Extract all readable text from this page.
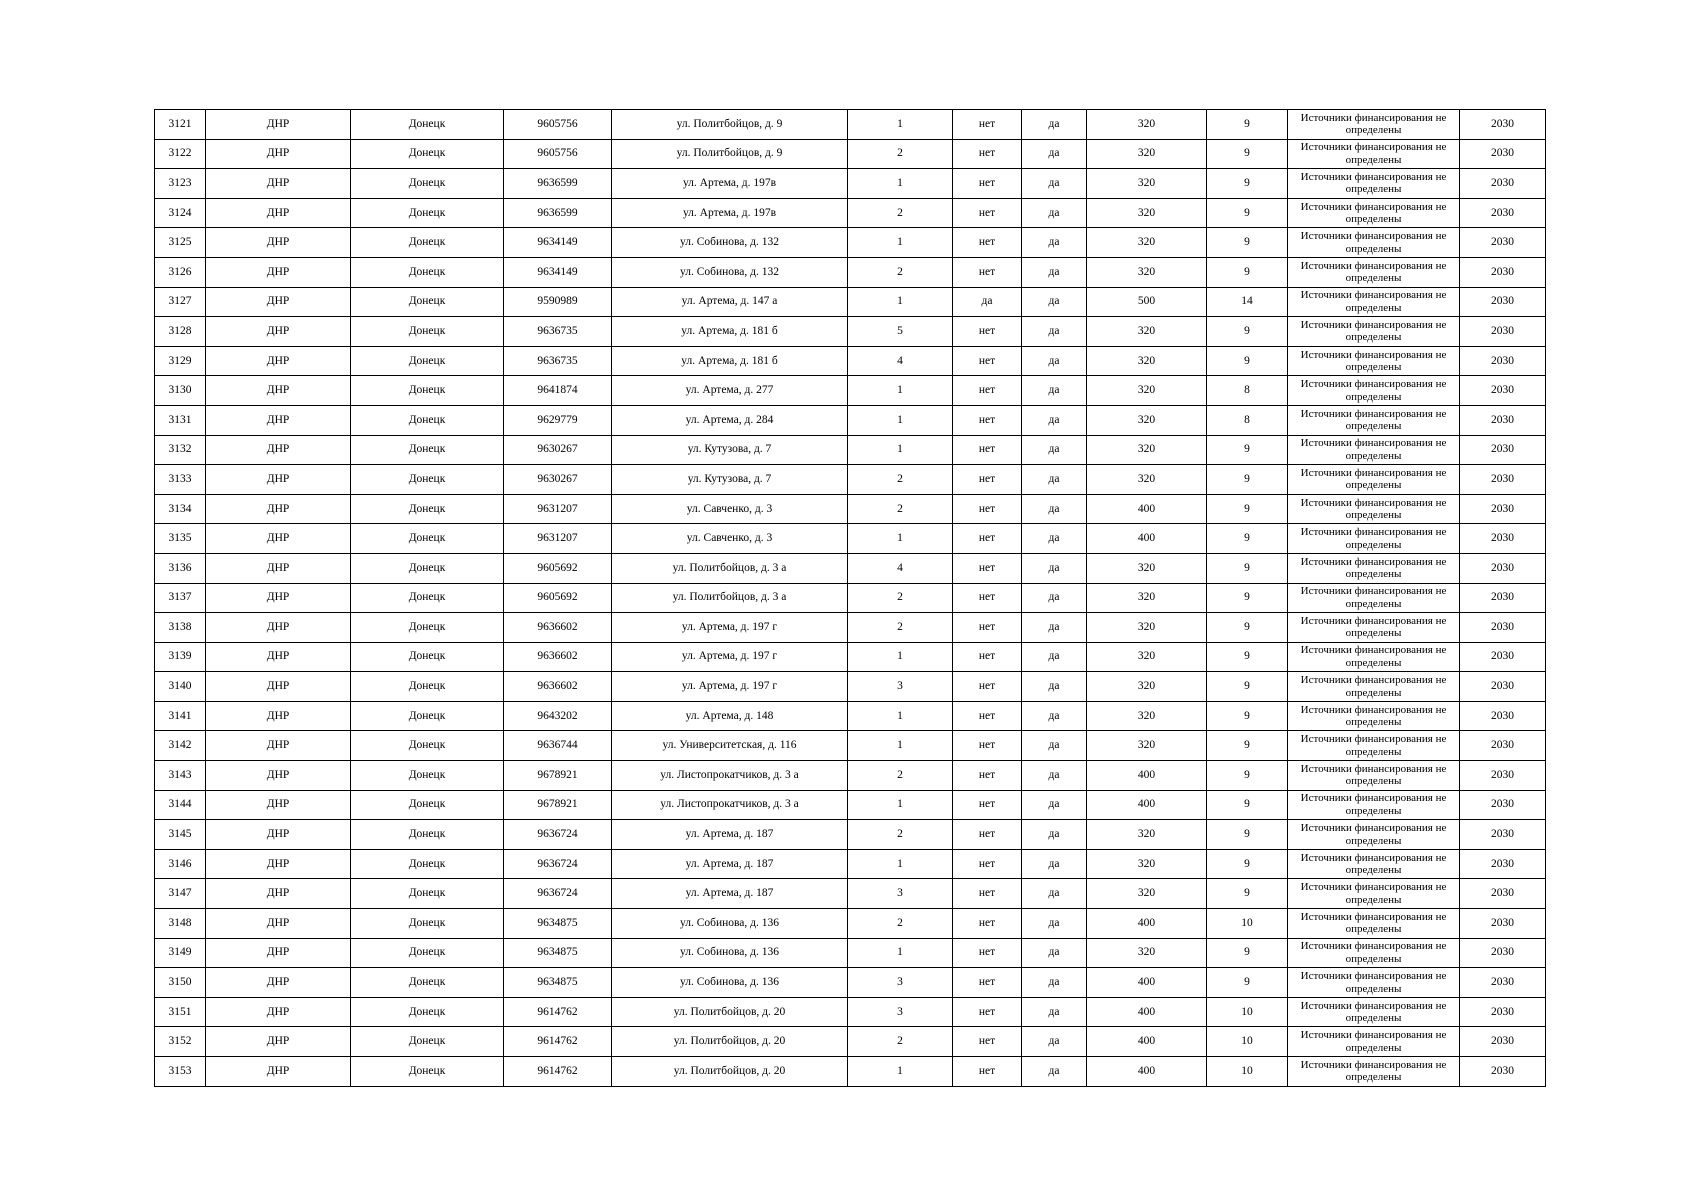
3121	ДНР	Донецк	9605756	ул. Политбойцов, д. 9	1	нет	да	320	9	Источники финансирования не определены	2030
3122	ДНР	Донецк	9605756	ул. Политбойцов, д. 9	2	нет	да	320	9	Источники финансирования не определены	2030
3123	ДНР	Донецк	9636599	ул. Артема, д. 197в	1	нет	да	320	9	Источники финансирования не определены	2030
3124	ДНР	Донецк	9636599	ул. Артема, д. 197в	2	нет	да	320	9	Источники финансирования не определены	2030
3125	ДНР	Донецк	9634149	ул. Собинова, д. 132	1	нет	да	320	9	Источники финансирования не определены	2030
3126	ДНР	Донецк	9634149	ул. Собинова, д. 132	2	нет	да	320	9	Источники финансирования не определены	2030
3127	ДНР	Донецк	9590989	ул. Артема, д. 147 а	1	да	да	500	14	Источники финансирования не определены	2030
3128	ДНР	Донецк	9636735	ул. Артема, д. 181 б	5	нет	да	320	9	Источники финансирования не определены	2030
3129	ДНР	Донецк	9636735	ул. Артема, д. 181 б	4	нет	да	320	9	Источники финансирования не определены	2030
3130	ДНР	Донецк	9641874	ул. Артема, д. 277	1	нет	да	320	8	Источники финансирования не определены	2030
3131	ДНР	Донецк	9629779	ул. Артема, д. 284	1	нет	да	320	8	Источники финансирования не определены	2030
3132	ДНР	Донецк	9630267	ул. Кутузова, д. 7	1	нет	да	320	9	Источники финансирования не определены	2030
3133	ДНР	Донецк	9630267	ул. Кутузова, д. 7	2	нет	да	320	9	Источники финансирования не определены	2030
3134	ДНР	Донецк	9631207	ул. Савченко, д. 3	2	нет	да	400	9	Источники финансирования не определены	2030
3135	ДНР	Донецк	9631207	ул. Савченко, д. 3	1	нет	да	400	9	Источники финансирования не определены	2030
3136	ДНР	Донецк	9605692	ул. Политбойцов, д. 3 а	4	нет	да	320	9	Источники финансирования не определены	2030
3137	ДНР	Донецк	9605692	ул. Политбойцов, д. 3 а	2	нет	да	320	9	Источники финансирования не определены	2030
3138	ДНР	Донецк	9636602	ул. Артема, д. 197 г	2	нет	да	320	9	Источники финансирования не определены	2030
3139	ДНР	Донецк	9636602	ул. Артема, д. 197 г	1	нет	да	320	9	Источники финансирования не определены	2030
3140	ДНР	Донецк	9636602	ул. Артема, д. 197 г	3	нет	да	320	9	Источники финансирования не определены	2030
3141	ДНР	Донецк	9643202	ул. Артема, д. 148	1	нет	да	320	9	Источники финансирования не определены	2030
3142	ДНР	Донецк	9636744	ул. Университетская, д. 116	1	нет	да	320	9	Источники финансирования не определены	2030
3143	ДНР	Донецк	9678921	ул. Листопрокатчиков, д. 3 а	2	нет	да	400	9	Источники финансирования не определены	2030
3144	ДНР	Донецк	9678921	ул. Листопрокатчиков, д. 3 а	1	нет	да	400	9	Источники финансирования не определены	2030
3145	ДНР	Донецк	9636724	ул. Артема, д. 187	2	нет	да	320	9	Источники финансирования не определены	2030
3146	ДНР	Донецк	9636724	ул. Артема, д. 187	1	нет	да	320	9	Источники финансирования не определены	2030
3147	ДНР	Донецк	9636724	ул. Артема, д. 187	3	нет	да	320	9	Источники финансирования не определены	2030
3148	ДНР	Донецк	9634875	ул. Собинова, д. 136	2	нет	да	400	10	Источники финансирования не определены	2030
3149	ДНР	Донецк	9634875	ул. Собинова, д. 136	1	нет	да	320	9	Источники финансирования не определены	2030
3150	ДНР	Донецк	9634875	ул. Собинова, д. 136	3	нет	да	400	9	Источники финансирования не определены	2030
3151	ДНР	Донецк	9614762	ул. Политбойцов, д. 20	3	нет	да	400	10	Источники финансирования не определены	2030
3152	ДНР	Донецк	9614762	ул. Политбойцов, д. 20	2	нет	да	400	10	Источники финансирования не определены	2030
3153	ДНР	Донецк	9614762	ул. Политбойцов, д. 20	1	нет	да	400	10	Источники финансирования не определены	2030
